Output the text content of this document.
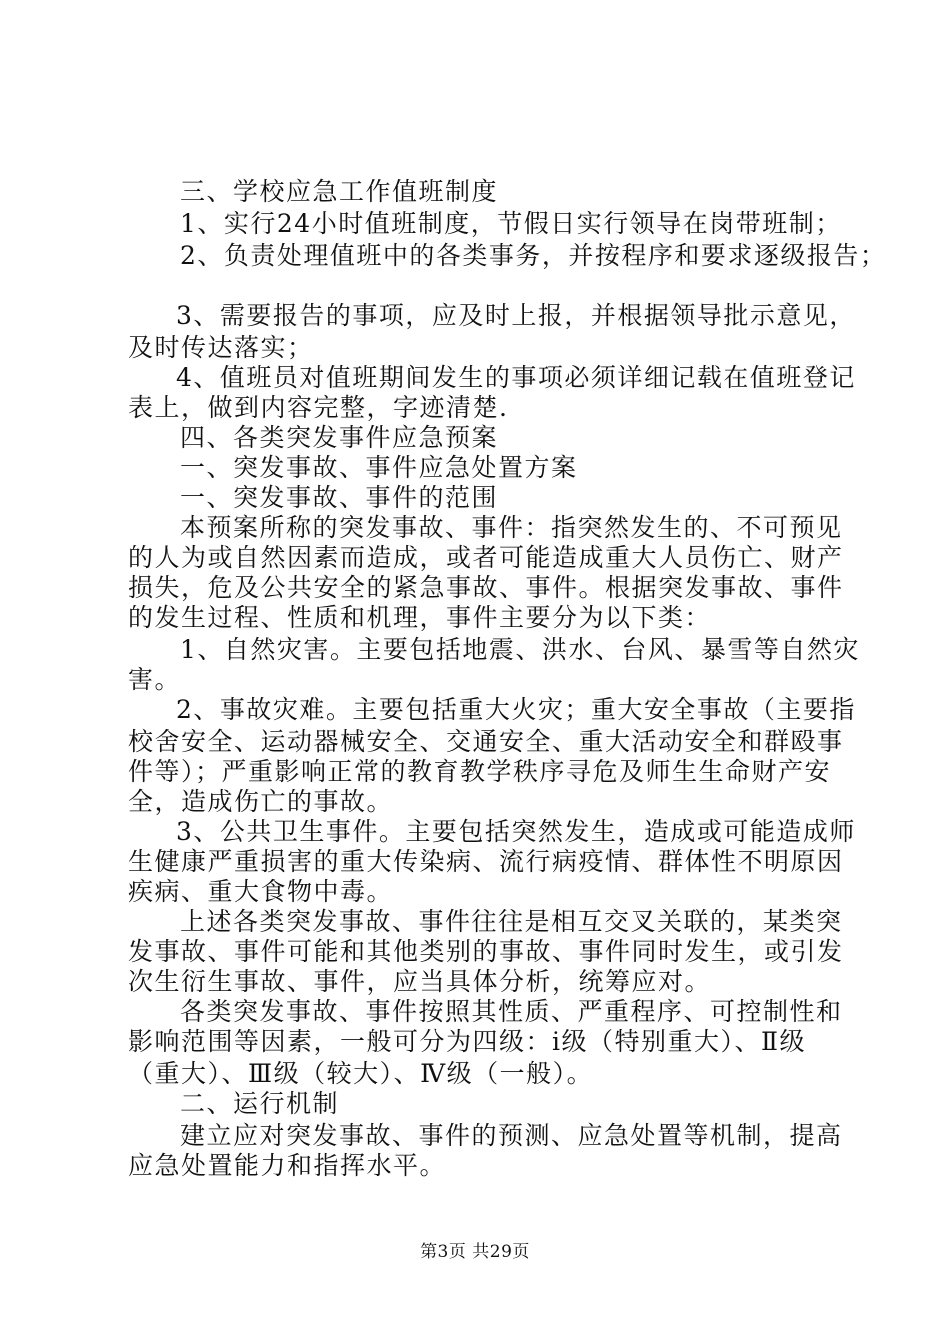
三、学校应急工作值班制度
1、实行24小时值班制度，节假日实行领导在岗带班制；
2、负责处理值班中的各类事务，并按程序和要求逐级报告；
3、需要报告的事项，应及时上报，并根据领导批示意见，
及时传达落实；
4、值班员对值班期间发生的事项必须详细记载在值班登记
表上，做到内容完整，字迹清楚.
四、各类突发事件应急预案
一、突发事故、事件应急处置方案
一、突发事故、事件的范围
本预案所称的突发事故、事件：指突然发生的、不可预见
的人为或自然因素而造成，或者可能造成重大人员伤亡、财产
损失，危及公共安全的紧急事故、事件。根据突发事故、事件
的发生过程、性质和机理，事件主要分为以下类：
1、自然灾害。主要包括地震、洪水、台风、暴雪等自然灾
害。
2、事故灾难。主要包括重大火灾；重大安全事故（主要指
校舍安全、运动器械安全、交通安全、重大活动安全和群殴事
件等）；严重影响正常的教育教学秩序寻危及师生生命财产安
全，造成伤亡的事故。
3、公共卫生事件。主要包括突然发生，造成或可能造成师
生健康严重损害的重大传染病、流行病疫情、群体性不明原因
疾病、重大食物中毒。
上述各类突发事故、事件往往是相互交叉关联的，某类突
发事故、事件可能和其他类别的事故、事件同时发生，或引发
次生衍生事故、事件，应当具体分析，统筹应对。
各类突发事故、事件按照其性质、严重程序、可控制性和
影响范围等因素，一般可分为四级：ⅰ级（特别重大）、Ⅱ级
（重大）、Ⅲ级（较大）、Ⅳ级（一般）。
二、运行机制
建立应对突发事故、事件的预测、应急处置等机制，提高
应急处置能力和指挥水平。
第3页 共29页
